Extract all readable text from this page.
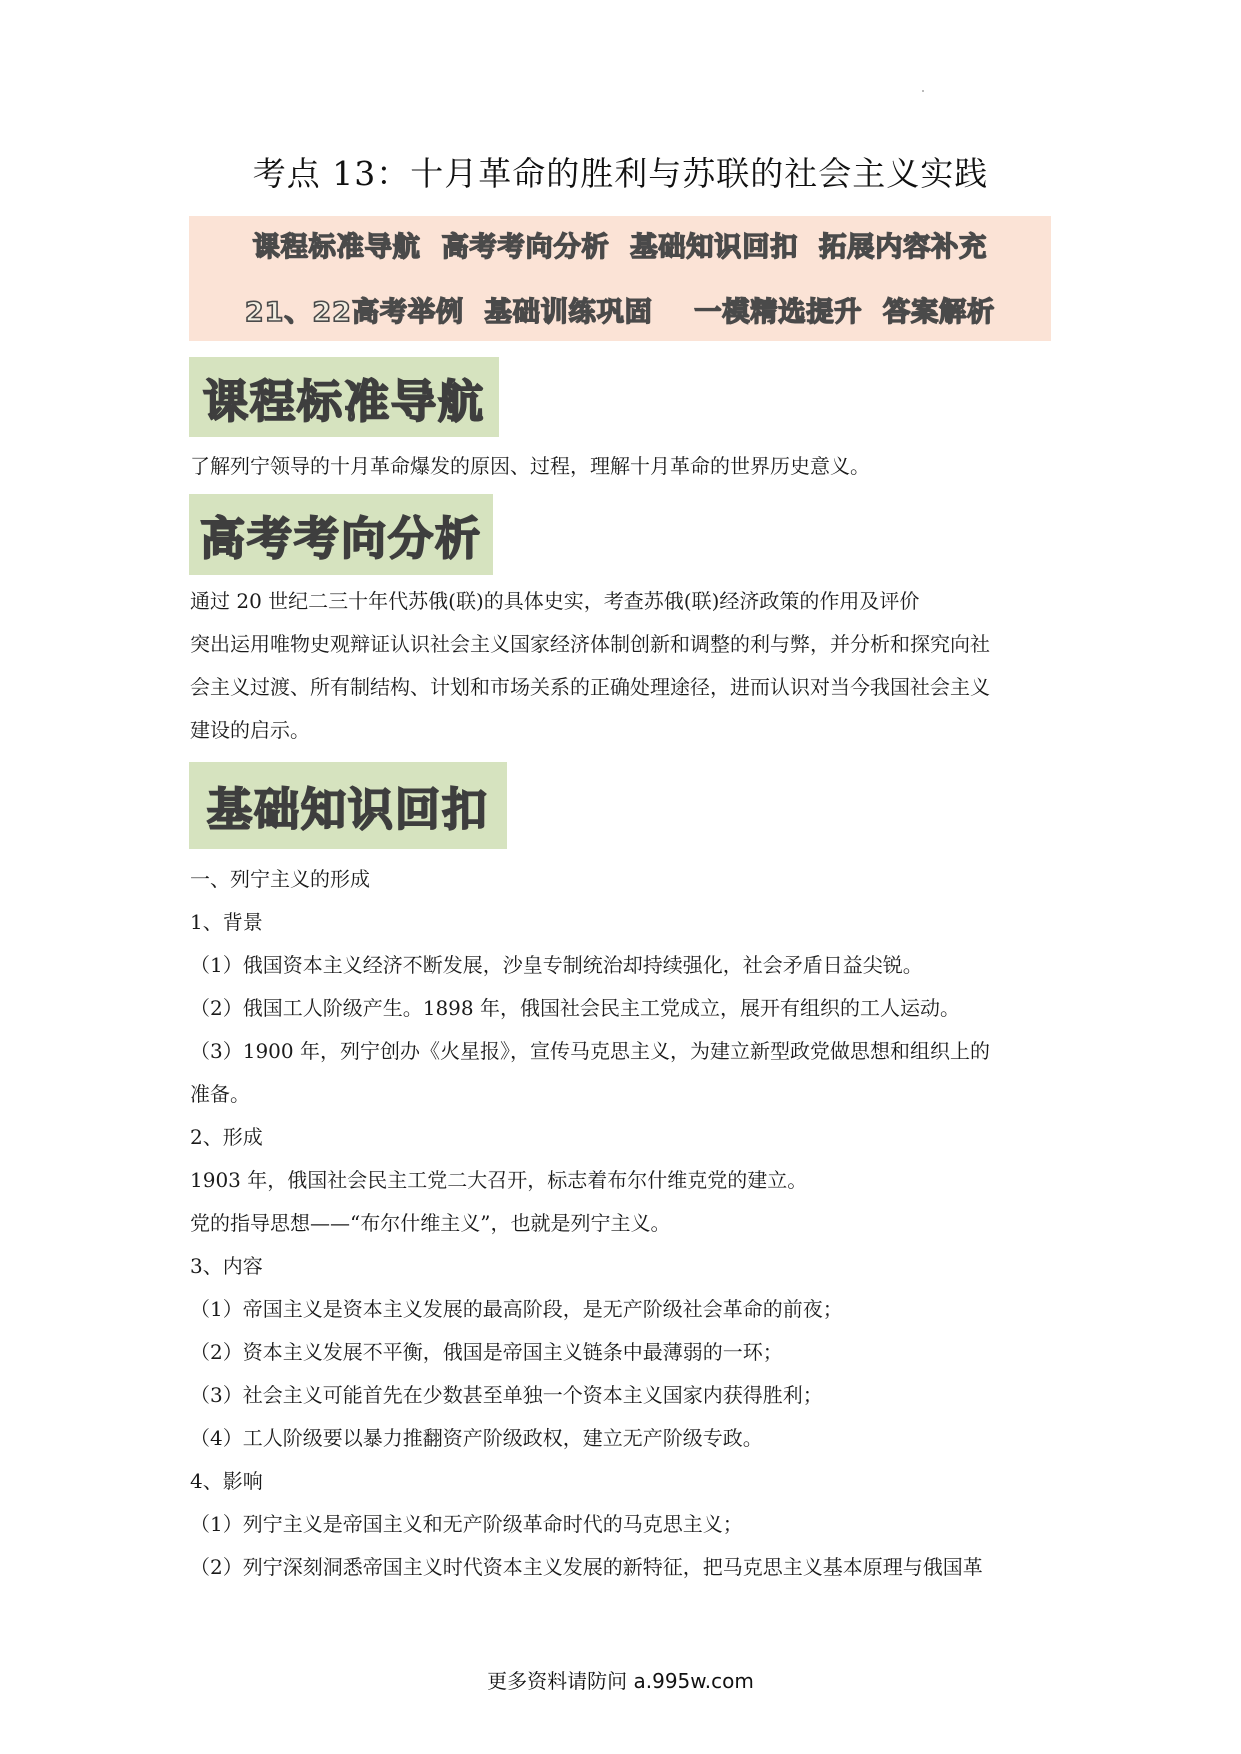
考点 13：十月革命的胜利与苏联的社会主义实践
课程标准导航  高考考向分析  基础知识回扣  拓展内容补充
21、22高考举例  基础训练巩固    一模精选提升  答案解析
课程标准导航
了解列宁领导的十月革命爆发的原因、过程，理解十月革命的世界历史意义。
高考考向分析
通过 20 世纪二三十年代苏俄(联)的具体史实，考查苏俄(联)经济政策的作用及评价
突出运用唯物史观辩证认识社会主义国家经济体制创新和调整的利与弊，并分析和探究向社
会主义过渡、所有制结构、计划和市场关系的正确处理途径，进而认识对当今我国社会主义
建设的启示。
基础知识回扣
一、列宁主义的形成
1、背景
（1）俄国资本主义经济不断发展，沙皇专制统治却持续强化，社会矛盾日益尖锐。
（2）俄国工人阶级产生。1898 年，俄国社会民主工党成立，展开有组织的工人运动。
（3）1900 年，列宁创办《火星报》，宣传马克思主义，为建立新型政党做思想和组织上的
准备。
2、形成
1903 年，俄国社会民主工党二大召开，标志着布尔什维克党的建立。
党的指导思想——“布尔什维主义”，也就是列宁主义。
3、内容
（1）帝国主义是资本主义发展的最高阶段，是无产阶级社会革命的前夜；
（2）资本主义发展不平衡，俄国是帝国主义链条中最薄弱的一环；
（3）社会主义可能首先在少数甚至单独一个资本主义国家内获得胜利；
（4）工人阶级要以暴力推翻资产阶级政权，建立无产阶级专政。
4、影响
（1）列宁主义是帝国主义和无产阶级革命时代的马克思主义；
（2）列宁深刻洞悉帝国主义时代资本主义发展的新特征，把马克思主义基本原理与俄国革
更多资料请防问 a.995w.com
